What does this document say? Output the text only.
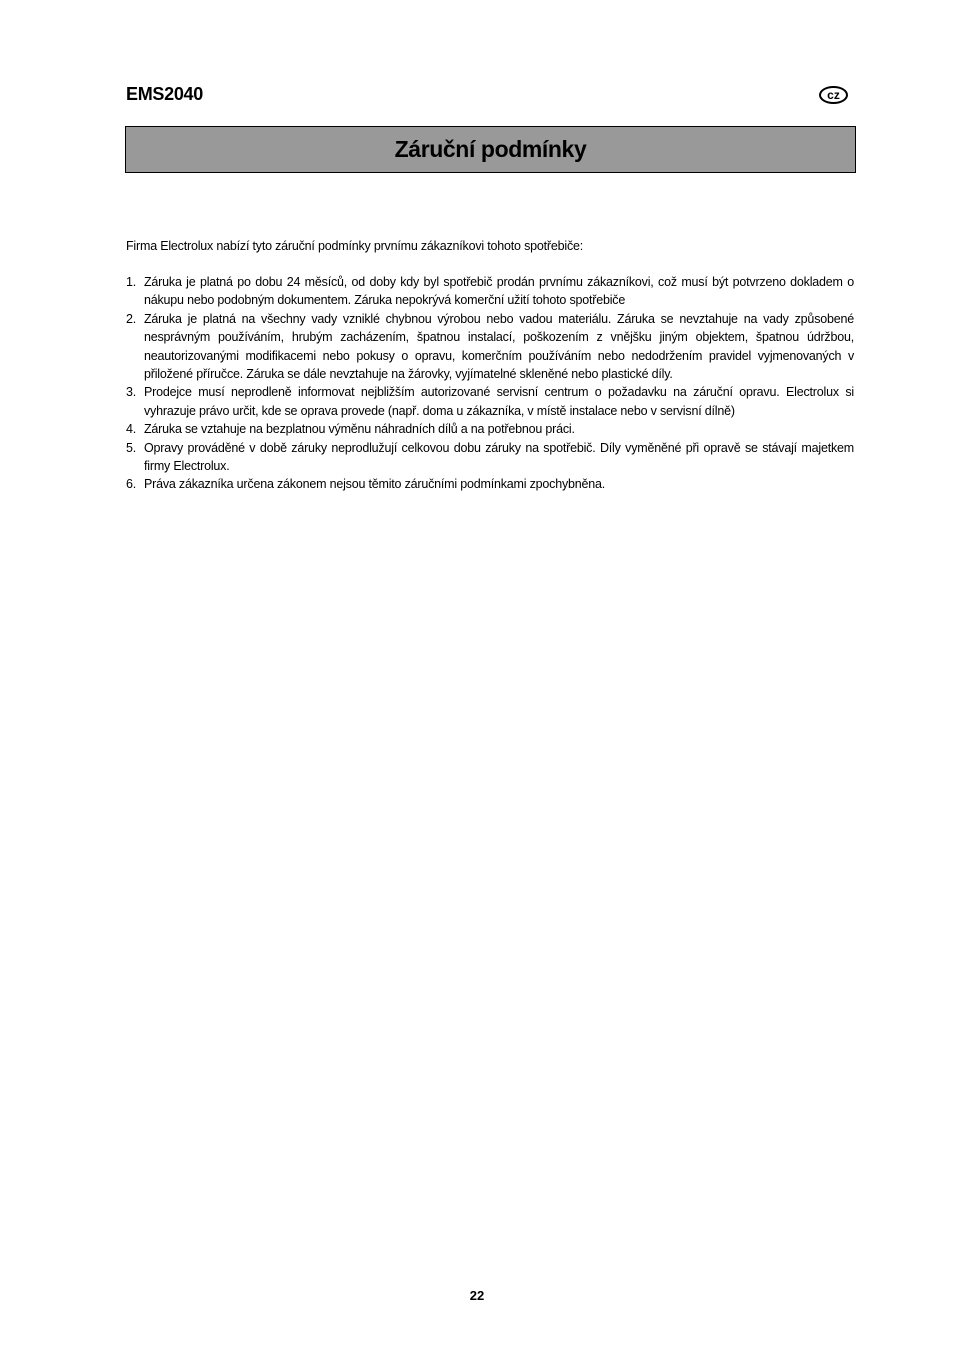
EMS2040	cz
Záruční podmínky
Firma Electrolux nabízí tyto záruční podmínky prvnímu zákazníkovi tohoto spotřebiče:
1. Záruka je platná po dobu 24 měsíců, od doby kdy byl spotřebič prodán prvnímu zákazníkovi, což musí být potvrzeno dokladem o nákupu nebo podobným dokumentem. Záruka nepokrývá komerční užití tohoto spotřebiče
2. Záruka je platná na všechny vady vzniklé chybnou výrobou nebo vadou materiálu. Záruka se nevztahuje na vady způsobené nesprávným používáním, hrubým zacházením, špatnou instalací, poškozením z vnějšku jiným objektem, špatnou údržbou, neautorizovanými modifikacemi nebo pokusy o opravu, komerčním používáním nebo nedodržením pravidel vyjmenovaných v přiložené příručce. Záruka se dále nevztahuje na žárovky, vyjímatelné skleněné nebo plastické díly.
3. Prodejce musí neprodleně informovat nejbližším autorizované servisní centrum o požadavku na záruční opravu. Electrolux si vyhrazuje právo určit, kde se oprava provede (např. doma u zákazníka, v místě instalace nebo v servisní dílně)
4. Záruka se vztahuje na bezplatnou výměnu náhradních dílů a na potřebnou práci.
5. Opravy prováděné v době záruky neprodlužují celkovou dobu záruky na spotřebič. Díly vyměněné při opravě se stávají majetkem firmy Electrolux.
6. Práva zákazníka určena zákonem nejsou těmito záručními podmínkami zpochybněna.
22
